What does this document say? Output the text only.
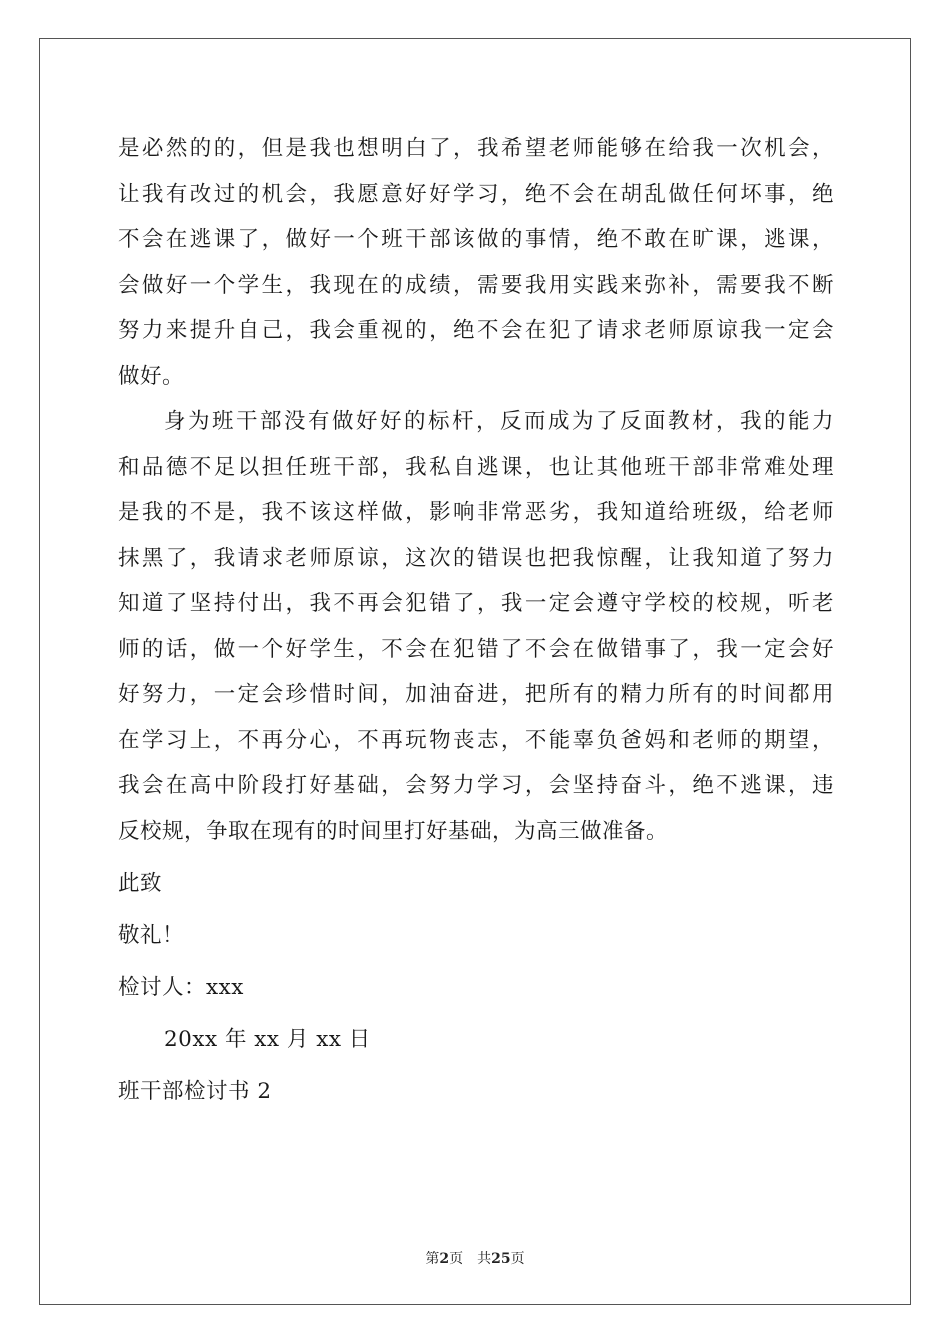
是必然的的，但是我也想明白了，我希望老师能够在给我一次机会，
让我有改过的机会，我愿意好好学习，绝不会在胡乱做任何坏事，绝
不会在逃课了，做好一个班干部该做的事情，绝不敢在旷课，逃课，
会做好一个学生，我现在的成绩，需要我用实践来弥补，需要我不断
努力来提升自己，我会重视的，绝不会在犯了请求老师原谅我一定会
做好。
身为班干部没有做好好的标杆，反而成为了反面教材，我的能力
和品德不足以担任班干部，我私自逃课，也让其他班干部非常难处理
是我的不是，我不该这样做，影响非常恶劣，我知道给班级，给老师
抹黑了，我请求老师原谅，这次的错误也把我惊醒，让我知道了努力
知道了坚持付出，我不再会犯错了，我一定会遵守学校的校规，听老
师的话，做一个好学生，不会在犯错了不会在做错事了，我一定会好
好努力，一定会珍惜时间，加油奋进，把所有的精力所有的时间都用
在学习上，不再分心，不再玩物丧志，不能辜负爸妈和老师的期望，
我会在高中阶段打好基础，会努力学习，会坚持奋斗，绝不逃课，违
反校规，争取在现有的时间里打好基础，为高三做准备。
此致
敬礼！
检讨人：xxx
20xx 年 xx 月 xx 日
班干部检讨书 2
第2页 共25页
